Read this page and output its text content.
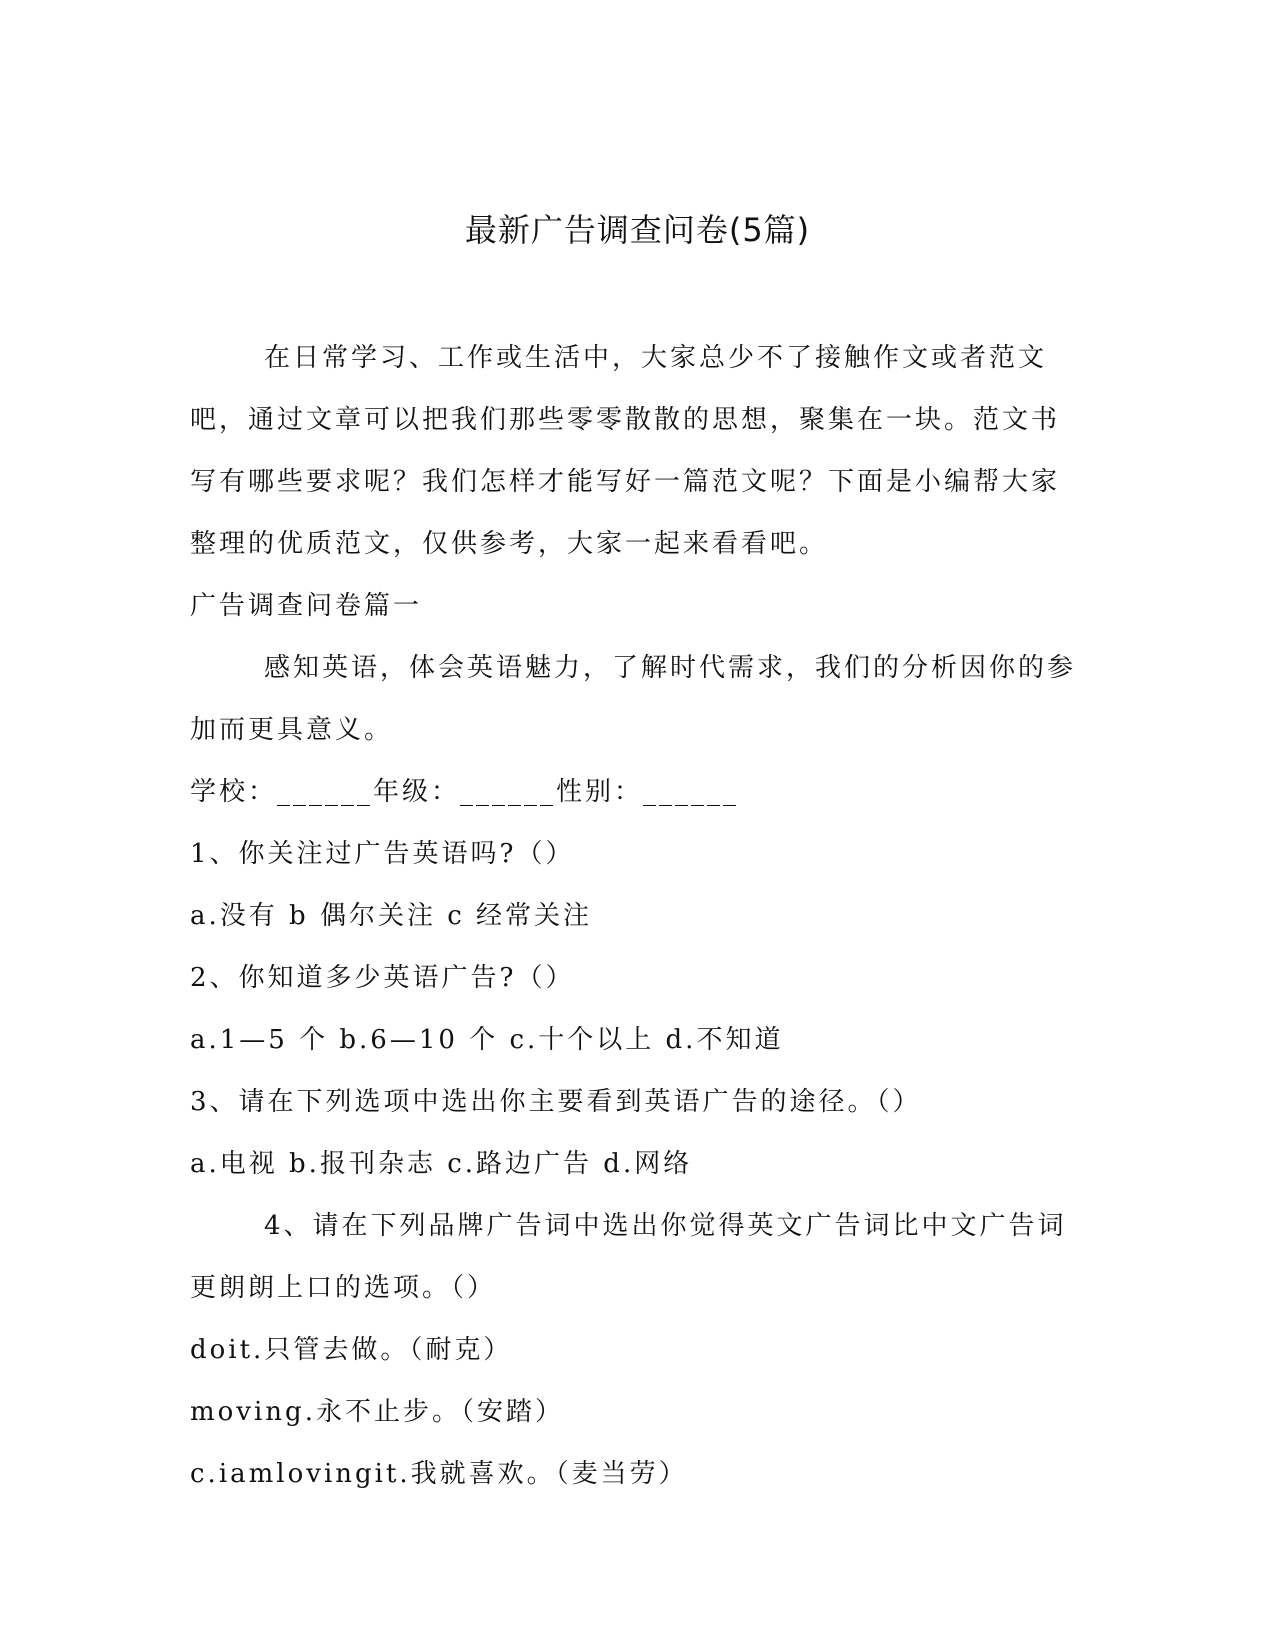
最新广告调查问卷(5篇)

在日常学习、工作或生活中，大家总少不了接触作文或者范文吧，通过文章可以把我们那些零零散散的思想，聚集在一块。范文书写有哪些要求呢？我们怎样才能写好一篇范文呢？下面是小编帮大家整理的优质范文，仅供参考，大家一起来看看吧。

广告调查问卷篇一

感知英语，体会英语魅力，了解时代需求，我们的分析因你的参加而更具意义。

学校：______年级：______性别：______

1、你关注过广告英语吗?（）

a.没有 b 偶尔关注 c 经常关注

2、你知道多少英语广告?（）

a.1—5 个 b.6—10 个 c.十个以上 d.不知道

3、请在下列选项中选出你主要看到英语广告的途径。（）

a.电视 b.报刊杂志 c.路边广告 d.网络

4、请在下列品牌广告词中选出你觉得英文广告词比中文广告词更朗朗上口的选项。（）

doit.只管去做。（耐克）

moving.永不止步。（安踏）

c.iamlovingit.我就喜欢。（麦当劳）
